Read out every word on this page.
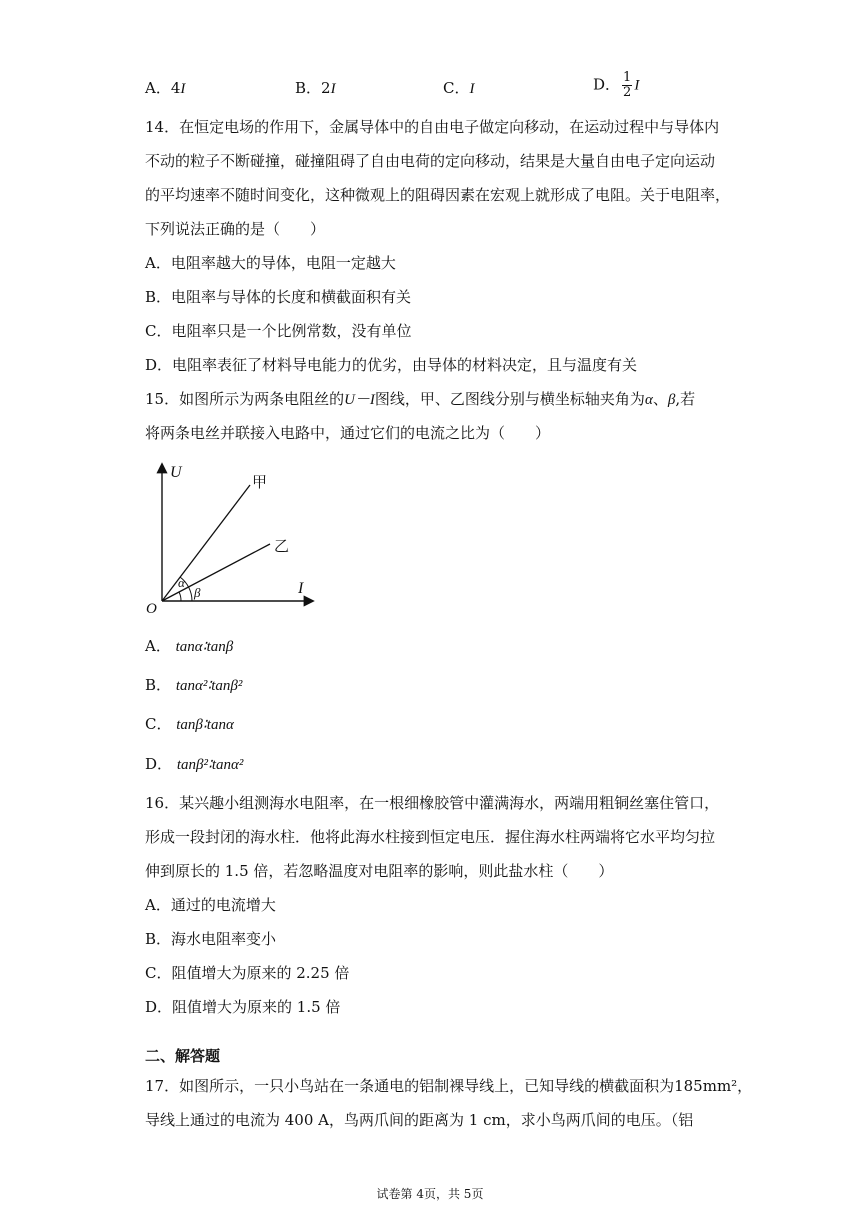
A．4I	B．2I	C．I	D． $\frac{1}{2}$ I
14．在恒定电场的作用下，金属导体中的自由电子做定向移动，在运动过程中与导体内
不动的粒子不断碰撞，碰撞阻碍了自由电荷的定向移动，结果是大量自由电子定向运动
的平均速率不随时间变化，这种微观上的阻碍因素在宏观上就形成了电阻。关于电阻率，
下列说法正确的是（　　）
A．电阻率越大的导体，电阻一定越大
B．电阻率与导体的长度和横截面积有关
C．电阻率只是一个比例常数，没有单位
D．电阻率表征了材料导电能力的优劣，由导体的材料决定，且与温度有关
15．如图所示为两条电阻丝的U－I图线，甲、乙图线分别与横坐标轴夹角为α、β,若
将两条电丝并联接入电路中，通过它们的电流之比为（　　）
U
I
O
甲
乙
α
β
A． tanα∶tanβ
B． tanα²∶tanβ²
C． tanβ∶tanα
D． tanβ²∶tanα²
16．某兴趣小组测海水电阻率，在一根细橡胶管中灌满海水，两端用粗铜丝塞住管口，
形成一段封闭的海水柱．他将此海水柱接到恒定电压．握住海水柱两端将它水平均匀拉
伸到原长的 1.5 倍，若忽略温度对电阻率的影响，则此盐水柱（　　）
A．通过的电流增大
B．海水电阻率变小
C．阻值增大为原来的 2.25 倍
D．阻值增大为原来的 1.5 倍
二、解答题
17．如图所示，一只小鸟站在一条通电的铝制裸导线上，已知导线的横截面积为185mm²，
导线上通过的电流为 400 A，鸟两爪间的距离为 1 cm，求小鸟两爪间的电压。（铝
试卷第 4页，共 5页
